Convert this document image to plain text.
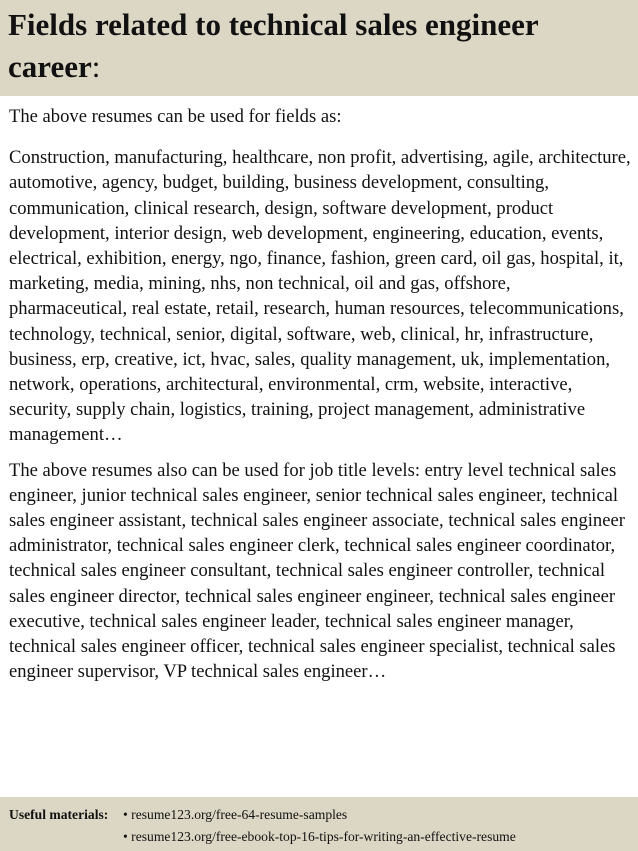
Fields related to technical sales engineer career:

The above resumes can be used for fields as:

Construction, manufacturing, healthcare, non profit, advertising, agile, architecture, automotive, agency, budget, building, business development, consulting, communication, clinical research, design, software development, product development, interior design, web development, engineering, education, events, electrical, exhibition, energy, ngo, finance, fashion, green card, oil gas, hospital, it, marketing, media, mining, nhs, non technical, oil and gas, offshore, pharmaceutical, real estate, retail, research, human resources, telecommunications, technology, technical, senior, digital, software, web, clinical, hr, infrastructure, business, erp, creative, ict, hvac, sales, quality management, uk, implementation, network, operations, architectural, environmental, crm, website, interactive, security, supply chain, logistics, training, project management, administrative management…

The above resumes also can be used for job title levels: entry level technical sales engineer, junior technical sales engineer, senior technical sales engineer, technical sales engineer assistant, technical sales engineer associate, technical sales engineer administrator, technical sales engineer clerk, technical sales engineer coordinator, technical sales engineer consultant, technical sales engineer controller, technical sales engineer director, technical sales engineer engineer, technical sales engineer executive, technical sales engineer leader, technical sales engineer manager, technical sales engineer officer, technical sales engineer specialist, technical sales engineer supervisor, VP technical sales engineer…

Useful materials: • resume123.org/free-64-resume-samples
• resume123.org/free-ebook-top-16-tips-for-writing-an-effective-resume
